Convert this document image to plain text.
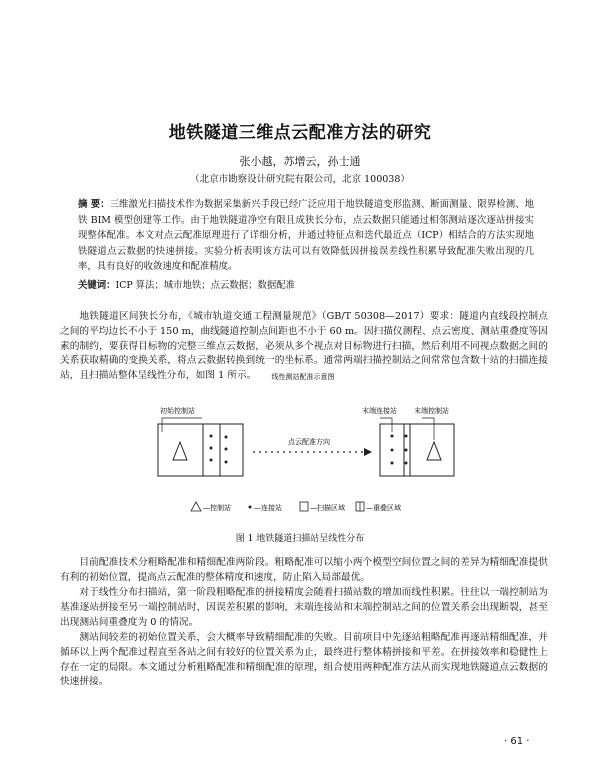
地铁隧道三维点云配准方法的研究
张小越，苏增云，孙士通
（北京市勘察设计研究院有限公司，北京 100038）
摘 要：三维激光扫描技术作为数据采集新兴手段已经广泛应用于地铁隧道变形监测、断面测量、限界检测、地铁 BIM 模型创建等工作。由于地铁隧道净空有限且成狭长分布，点云数据只能通过相邻测站逐次逐站拼接实现整体配准。本文对点云配准原理进行了详细分析，并通过特征点和迭代最近点（ICP）相结合的方法实现地铁隧道点云数据的快速拼接。实验分析表明该方法可以有效降低因拼接误差线性积累导致配准失败出现的几率，具有良好的收敛速度和配准精度。
关键词：ICP 算法；城市地铁；点云数据；数据配准

地铁隧道区间狭长分布，《城市轨道交通工程测量规范》（GB/T 50308—2017）要求：隧道内直线段控制点之间的平均边长不小于 150 m，曲线隧道控制点间距也不小于 60 m。因扫描仪测程、点云密度、测站重叠度等因素的制约，要获得目标物的完整三维点云数据，必须从多个视点对目标物进行扫描，然后利用不同视点数据之间的关系获取精确的变换关系，将点云数据转换到统一的坐标系。通常两端扫描控制站之间常常包含数十站的扫描连接站，且扫描站整体呈线性分布，如图 1 所示。	线性测站配准示意图
初始控制站
点云配准方向
末端连接站 末端控制站
—控制站	—连接站	—扫描区域	—重叠区域
图 1 地铁隧道扫描站呈线性分布

目前配准技术分粗略配准和精细配准两阶段。粗略配准可以缩小两个模型空间位置之间的差异为精细配准提供有利的初始位置，提高点云配准的整体精度和速度，防止陷入局部最优。

对于线性分布扫描站，第一阶段粗略配准的拼接精度会随着扫描站数的增加而线性积累。往往以一端控制站为基准逐站拼接至另一端控制站时，因误差积累的影响，末端连接站和末端控制站之间的位置关系会出现断裂，甚至出现测站间重叠度为 0 的情况。

测站间较差的初始位置关系，会大概率导致精细配准的失败。目前项目中先逐站粗略配准再逐站精细配准，并循环以上两个配准过程直至各站之间有较好的位置关系为止，最终进行整体精拼接和平差。在拼接效率和稳健性上存在一定的局限。本文通过分析粗略配准和精细配准的原理，组合使用两种配准方法从而实现地铁隧道点云数据的快速拼接。

· 61 ·
